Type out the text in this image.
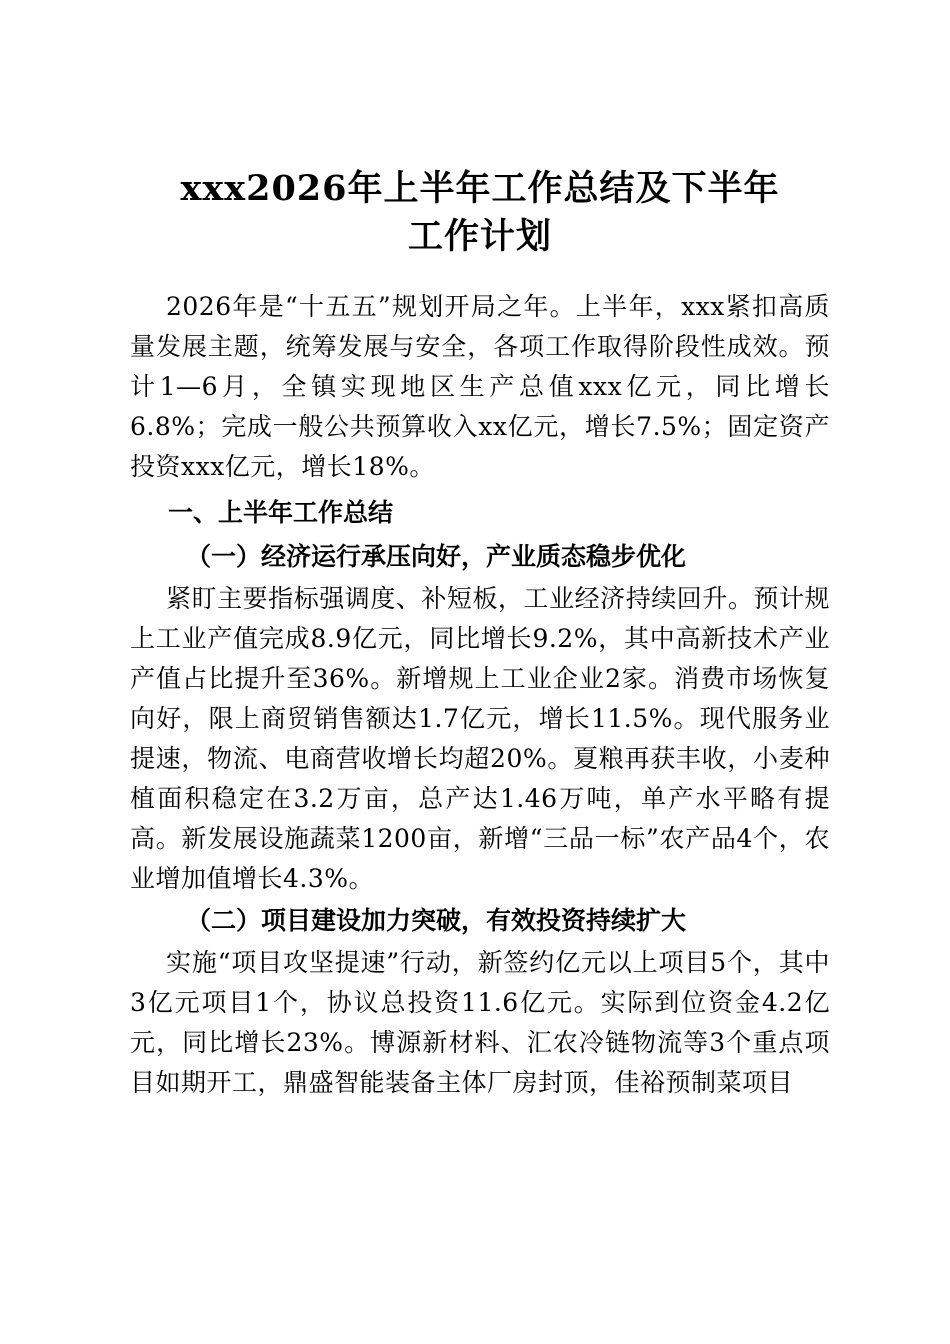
xxx2026年上半年工作总结及下半年
工作计划

2026年是“十五五”规划开局之年。上半年，xxx紧扣高质量发展主题，统筹发展与安全，各项工作取得阶段性成效。预计1—6月，全镇实现地区生产总值xxx亿元，同比增长6.8%；完成一般公共预算收入xx亿元，增长7.5%；固定资产投资xxx亿元，增长18%。

一、上半年工作总结
（一）经济运行承压向好，产业质态稳步优化

紧盯主要指标强调度、补短板，工业经济持续回升。预计规上工业产值完成8.9亿元，同比增长9.2%，其中高新技术产业产值占比提升至36%。新增规上工业企业2家。消费市场恢复向好，限上商贸销售额达1.7亿元，增长11.5%。现代服务业提速，物流、电商营收增长均超20%。夏粮再获丰收，小麦种植面积稳定在3.2万亩，总产达1.46万吨，单产水平略有提高。新发展设施蔬菜1200亩，新增“三品一标”农产品4个，农业增加值增长4.3%。

（二）项目建设加力突破，有效投资持续扩大

实施“项目攻坚提速”行动，新签约亿元以上项目5个，其中3亿元项目1个，协议总投资11.6亿元。实际到位资金4.2亿元，同比增长23%。博源新材料、汇农冷链物流等3个重点项目如期开工，鼎盛智能装备主体厂房封顶，佳裕预制菜项目
